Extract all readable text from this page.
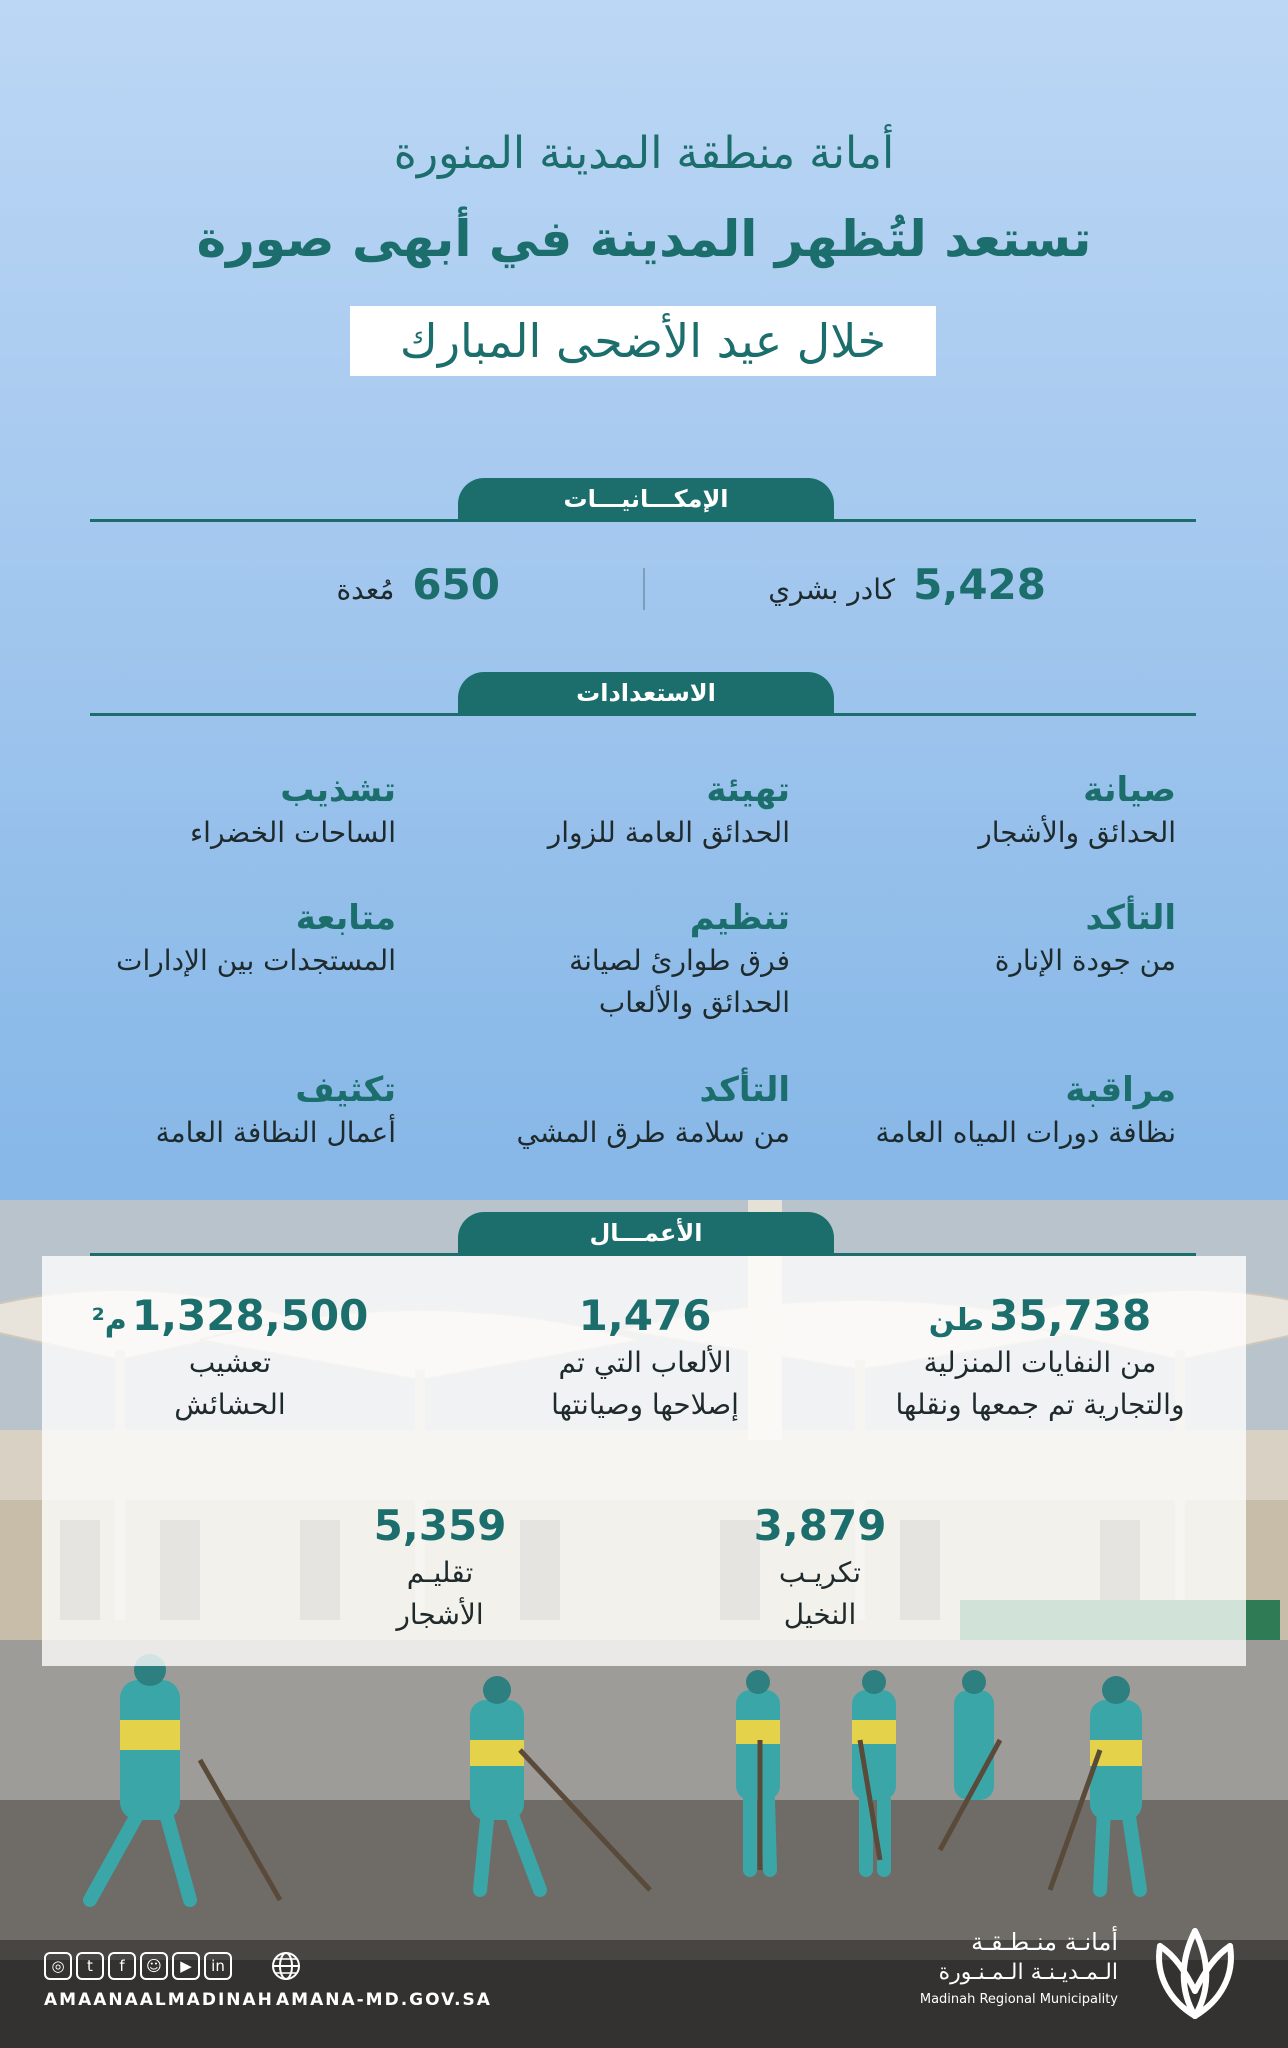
أمانة منطقة المدينة المنورة
تستعد لتُظهر المدينة في أبهى صورة
خلال عيد الأضحى المبارك
الإمكـــانيـــات
5,428
كادر بشري
650
مُعدة
الاستعدادات
صيانة
الحدائق والأشجار
تهيئة
الحدائق العامة للزوار
تشذيب
الساحات الخضراء
التأكد
من جودة الإنارة
تنظيم
فرق طوارئ لصيانة
الحدائق والألعاب
متابعة
المستجدات بين الإدارات
مراقبة
نظافة دورات المياه العامة
التأكد
من سلامة طرق المشي
تكثيف
أعمال النظافة العامة
الأعمـــال
35,738 طن
من النفايات المنزلية
والتجارية تم جمعها ونقلها
1,476
الألعاب التي تم
إصلاحها وصيانتها
1,328,500 م²
تعشيب
الحشائش
3,879
تكريـب
النخيل
5,359
تقليـم
الأشجار
◎	t	f	☺	▶	in
AMAANAALMADINAH AMANA-MD.GOV.SA
أمانـة منـطـقـة
الـمـديـنـة الـمـنـورة
Madinah Regional Municipality
